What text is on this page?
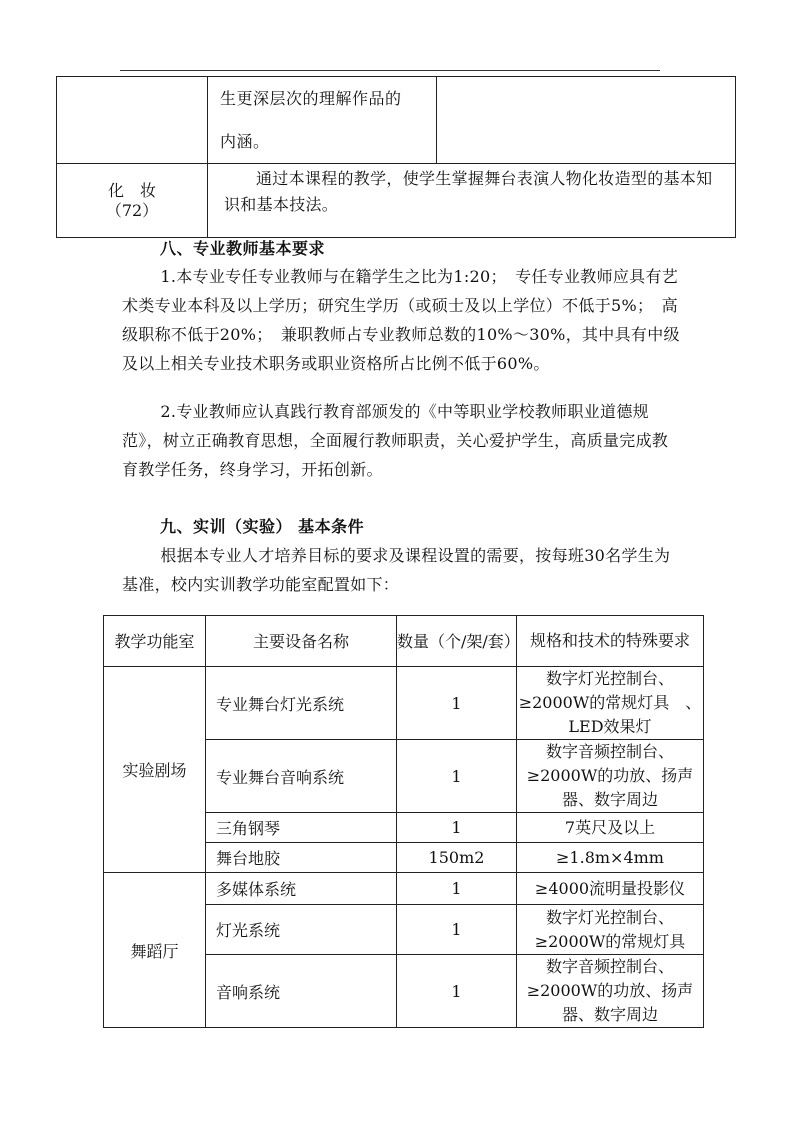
	生更深层次的理解作品的
内涵。	

化　妆
（72）	通过本课程的教学，使学生掌握舞台表演人物化妆造型的基本知识和基本技法。	
八、专业教师基本要求

1.本专业专任专业教师与在籍学生之比为1:20；　专任专业教师应具有艺术类专业本科及以上学历；研究生学历（或硕士及以上学位）不低于5%；　高级职称不低于20%；　兼职教师占专业教师总数的10%～30%，其中具有中级及以上相关专业技术职务或职业资格所占比例不低于60%。

2.专业教师应认真践行教育部颁发的《中等职业学校教师职业道德规范》，树立正确教育思想，全面履行教师职责，关心爱护学生，高质量完成教育教学任务，终身学习，开拓创新。

九、实训（实验） 基本条件

根据本专业人才培养目标的要求及课程设置的需要，按每班30名学生为基准，校内实训教学功能室配置如下：

教学功能室	主要设备名称	数量（个/架/套）	规格和技术的特殊要求
实验剧场	专业舞台灯光系统	1	数字灯光控制台、≥2000W的常规灯具　、 LED效果灯
	专业舞台音响系统	1	数字音频控制台、≥2000W的功放、扬声器、数字周边
	三角钢琴	1	7英尺及以上
	舞台地胶	150m2	≥1.8m×4mm
舞蹈厅	多媒体系统	1	≥4000流明量投影仪
	灯光系统	1	数字灯光控制台、≥2000W的常规灯具
	音响系统	1	数字音频控制台、≥2000W的功放、扬声器、数字周边
